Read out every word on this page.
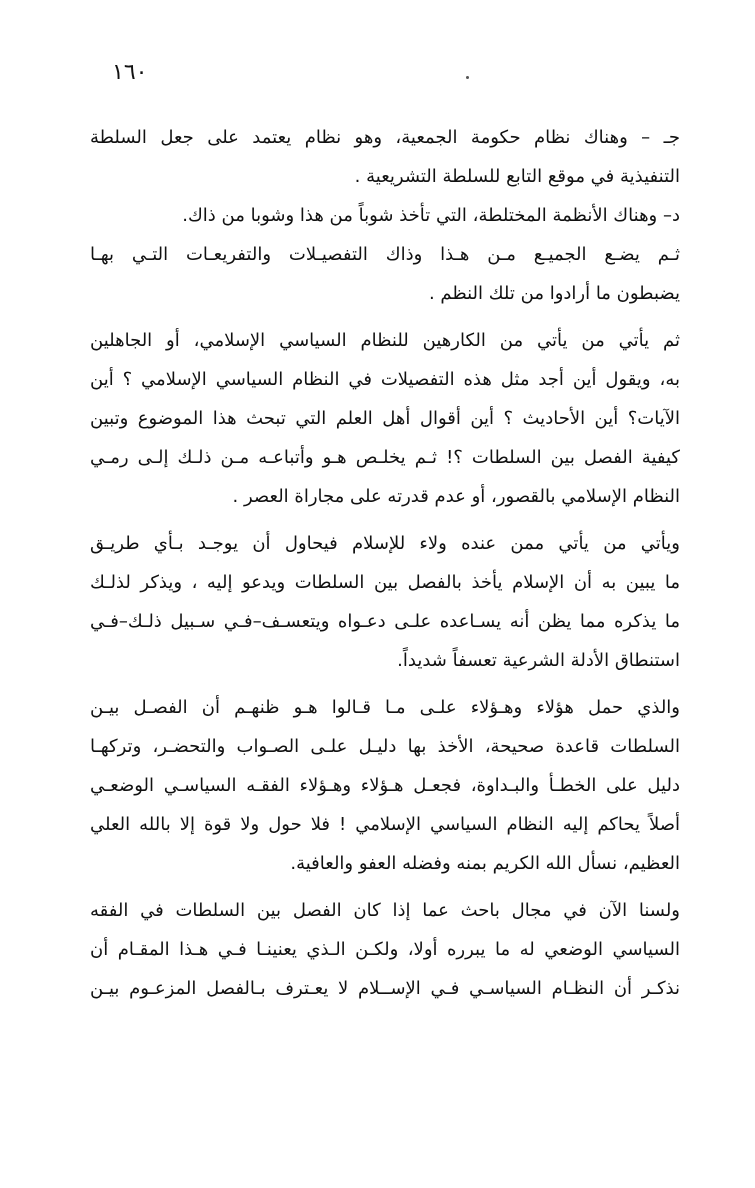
١٦٠
جـ – وهناك نظام حكومة الجمعية، وهو نظام يعتمد على جعل السلطة
التنفيذية في موقع التابع للسلطة التشريعية .
د– وهناك الأنظمة المختلطة، التي تأخذ شوباً من هذا وشوبا من ذاك.
ثـم يضـع الجميـع مـن هـذا وذاك التفصيـلات والتفريعـات التـي بهـا
يضبطون ما أرادوا من تلك النظم .
ثم يأتي من يأتي من الكارهين للنظام السياسي الإسلامي، أو الجاهلين
به، ويقول أين أجد مثل هذه التفصيلات في النظام السياسي الإسلامي ؟ أين
الآيات؟ أين الأحاديث ؟ أين أقوال أهل العلم التي تبحث هذا الموضوع وتبين
كيفية الفصل بين السلطات ؟! ثـم يخلـص هـو وأتباعـه مـن ذلـك إلـى رمـي
النظام الإسلامي بالقصور، أو عدم قدرته على مجاراة العصر .
ويأتي من يأتي ممن عنده ولاء للإسلام فيحاول أن يوجـد بـأي طريـق
ما يبين به أن الإسلام يأخذ بالفصل بين السلطات ويدعو إليه ، ويذكر لذلـك
ما يذكره مما يظن أنه يسـاعده علـى دعـواه ويتعسـف–فـي سـبيل ذلـك–فـي
استنطاق الأدلة الشرعية تعسفاً شديداً.
والذي حمل هؤلاء وهـؤلاء علـى مـا قـالوا هـو ظنهـم أن الفصـل بيـن
السلطات قاعدة صحيحة، الأخذ بها دليـل علـى الصـواب والتحضـر، وتركهـا
دليل على الخطـأ والبـداوة، فجعـل هـؤلاء وهـؤلاء الفقـه السياسـي الوضعـي
أصلاً يحاكم إليه النظام السياسي الإسلامي ! فلا حول ولا قوة إلا بالله العلي
العظيم، نسأل الله الكريم بمنه وفضله العفو والعافية.
ولسنا الآن في مجال باحث عما إذا كان الفصل بين السلطات في الفقه
السياسي الوضعي له ما يبرره أولا، ولكـن الـذي يعنينـا فـي هـذا المقـام أن
نذكـر أن النظـام السياسـي فـي الإســلام لا يعـترف بـالفصل المزعـوم بيـن
